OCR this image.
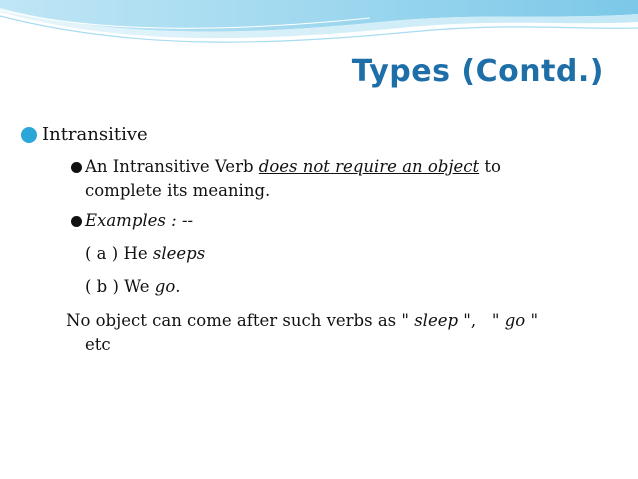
Types (Contd.)
Intransitive
An Intransitive Verb does not require an object to
complete its meaning.
Examples : --
( a ) He sleeps
( b ) We go.
No object can come after such verbs as " sleep ",   " go "
etc
